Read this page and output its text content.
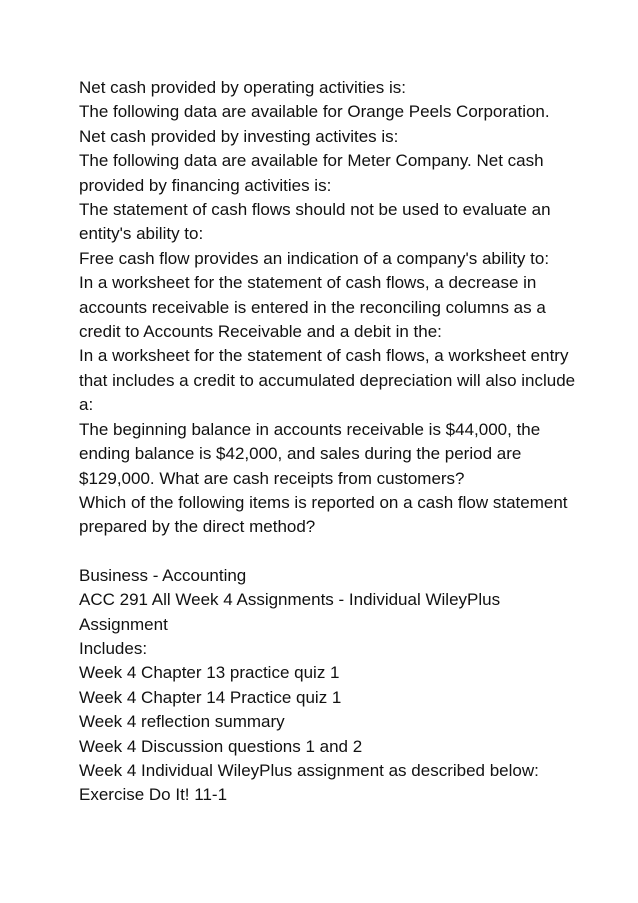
Net cash provided by operating activities is:

The following data are available for Orange Peels Corporation. Net cash provided by investing activites is:

The following data are available for Meter Company. Net cash provided by financing activities is:

The statement of cash flows should not be used to evaluate an entity's ability to:

Free cash flow provides an indication of a company's ability to:

In a worksheet for the statement of cash flows, a decrease in accounts receivable is entered in the reconciling columns as a credit to Accounts Receivable and a debit in the:

In a worksheet for the statement of cash flows, a worksheet entry that includes a credit to accumulated depreciation will also include a:

The beginning balance in accounts receivable is $44,000, the ending balance is $42,000, and sales during the period are $129,000. What are cash receipts from customers?

Which of the following items is reported on a cash flow statement prepared by the direct method?

Business - Accounting

ACC 291 All Week 4 Assignments - Individual WileyPlus Assignment

Includes:

Week 4 Chapter 13 practice quiz 1

Week 4 Chapter 14 Practice quiz 1

Week 4 reflection summary

Week 4 Discussion questions 1 and 2

Week 4 Individual WileyPlus assignment as described below:

Exercise Do It! 11-1
